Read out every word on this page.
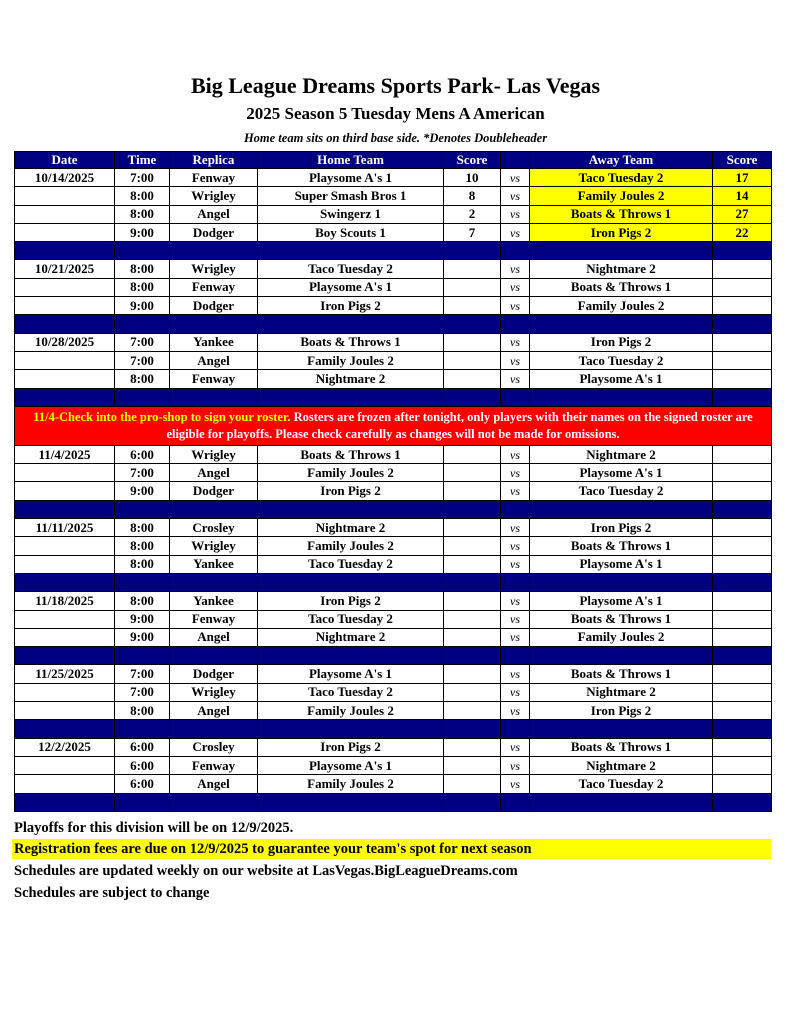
Big League Dreams Sports Park- Las Vegas
2025 Season 5 Tuesday Mens A American
Home team sits on third base side. *Denotes Doubleheader
Date	Time	Replica	Home Team	Score		Away Team	Score
10/14/2025	7:00	Fenway	Playsome A's 1	10	vs	Taco Tuesday 2	17
	8:00	Wrigley	Super Smash Bros 1	8	vs	Family Joules 2	14
	8:00	Angel	Swingerz 1	2	vs	Boats & Throws 1	27
	9:00	Dodger	Boy Scouts 1	7	vs	Iron Pigs 2	22

10/21/2025	8:00	Wrigley	Taco Tuesday 2		vs	Nightmare 2	
	8:00	Fenway	Playsome A's 1		vs	Boats & Throws 1	
	9:00	Dodger	Iron Pigs 2		vs	Family Joules 2	

10/28/2025	7:00	Yankee	Boats & Throws 1		vs	Iron Pigs 2	
	7:00	Angel	Family Joules 2		vs	Taco Tuesday 2	
	8:00	Fenway	Nightmare 2		vs	Playsome A's 1	

11/4-Check into the pro-shop to sign your roster. Rosters are frozen after tonight, only players with their names on the signed roster are eligible for playoffs. Please check carefully as changes will not be made for omissions.							
11/4/2025	6:00	Wrigley	Boats & Throws 1		vs	Nightmare 2	
	7:00	Angel	Family Joules 2		vs	Playsome A's 1	
	9:00	Dodger	Iron Pigs 2		vs	Taco Tuesday 2	

11/11/2025	8:00	Crosley	Nightmare 2		vs	Iron Pigs 2	
	8:00	Wrigley	Family Joules 2		vs	Boats & Throws 1	
	8:00	Yankee	Taco Tuesday 2		vs	Playsome A's 1	

11/18/2025	8:00	Yankee	Iron Pigs 2		vs	Playsome A's 1	
	9:00	Fenway	Taco Tuesday 2		vs	Boats & Throws 1	
	9:00	Angel	Nightmare 2		vs	Family Joules 2	

11/25/2025	7:00	Dodger	Playsome A's 1		vs	Boats & Throws 1	
	7:00	Wrigley	Taco Tuesday 2		vs	Nightmare 2	
	8:00	Angel	Family Joules 2		vs	Iron Pigs 2	

12/2/2025	6:00	Crosley	Iron Pigs 2		vs	Boats & Throws 1	
	6:00	Fenway	Playsome A's 1		vs	Nightmare 2	
	6:00	Angel	Family Joules 2		vs	Taco Tuesday 2	

Playoffs for this division will be on 12/9/2025.
Registration fees are due on 12/9/2025 to guarantee your team's spot for next season
Schedules are updated weekly on our website at LasVegas.BigLeagueDreams.com
Schedules are subject to change
